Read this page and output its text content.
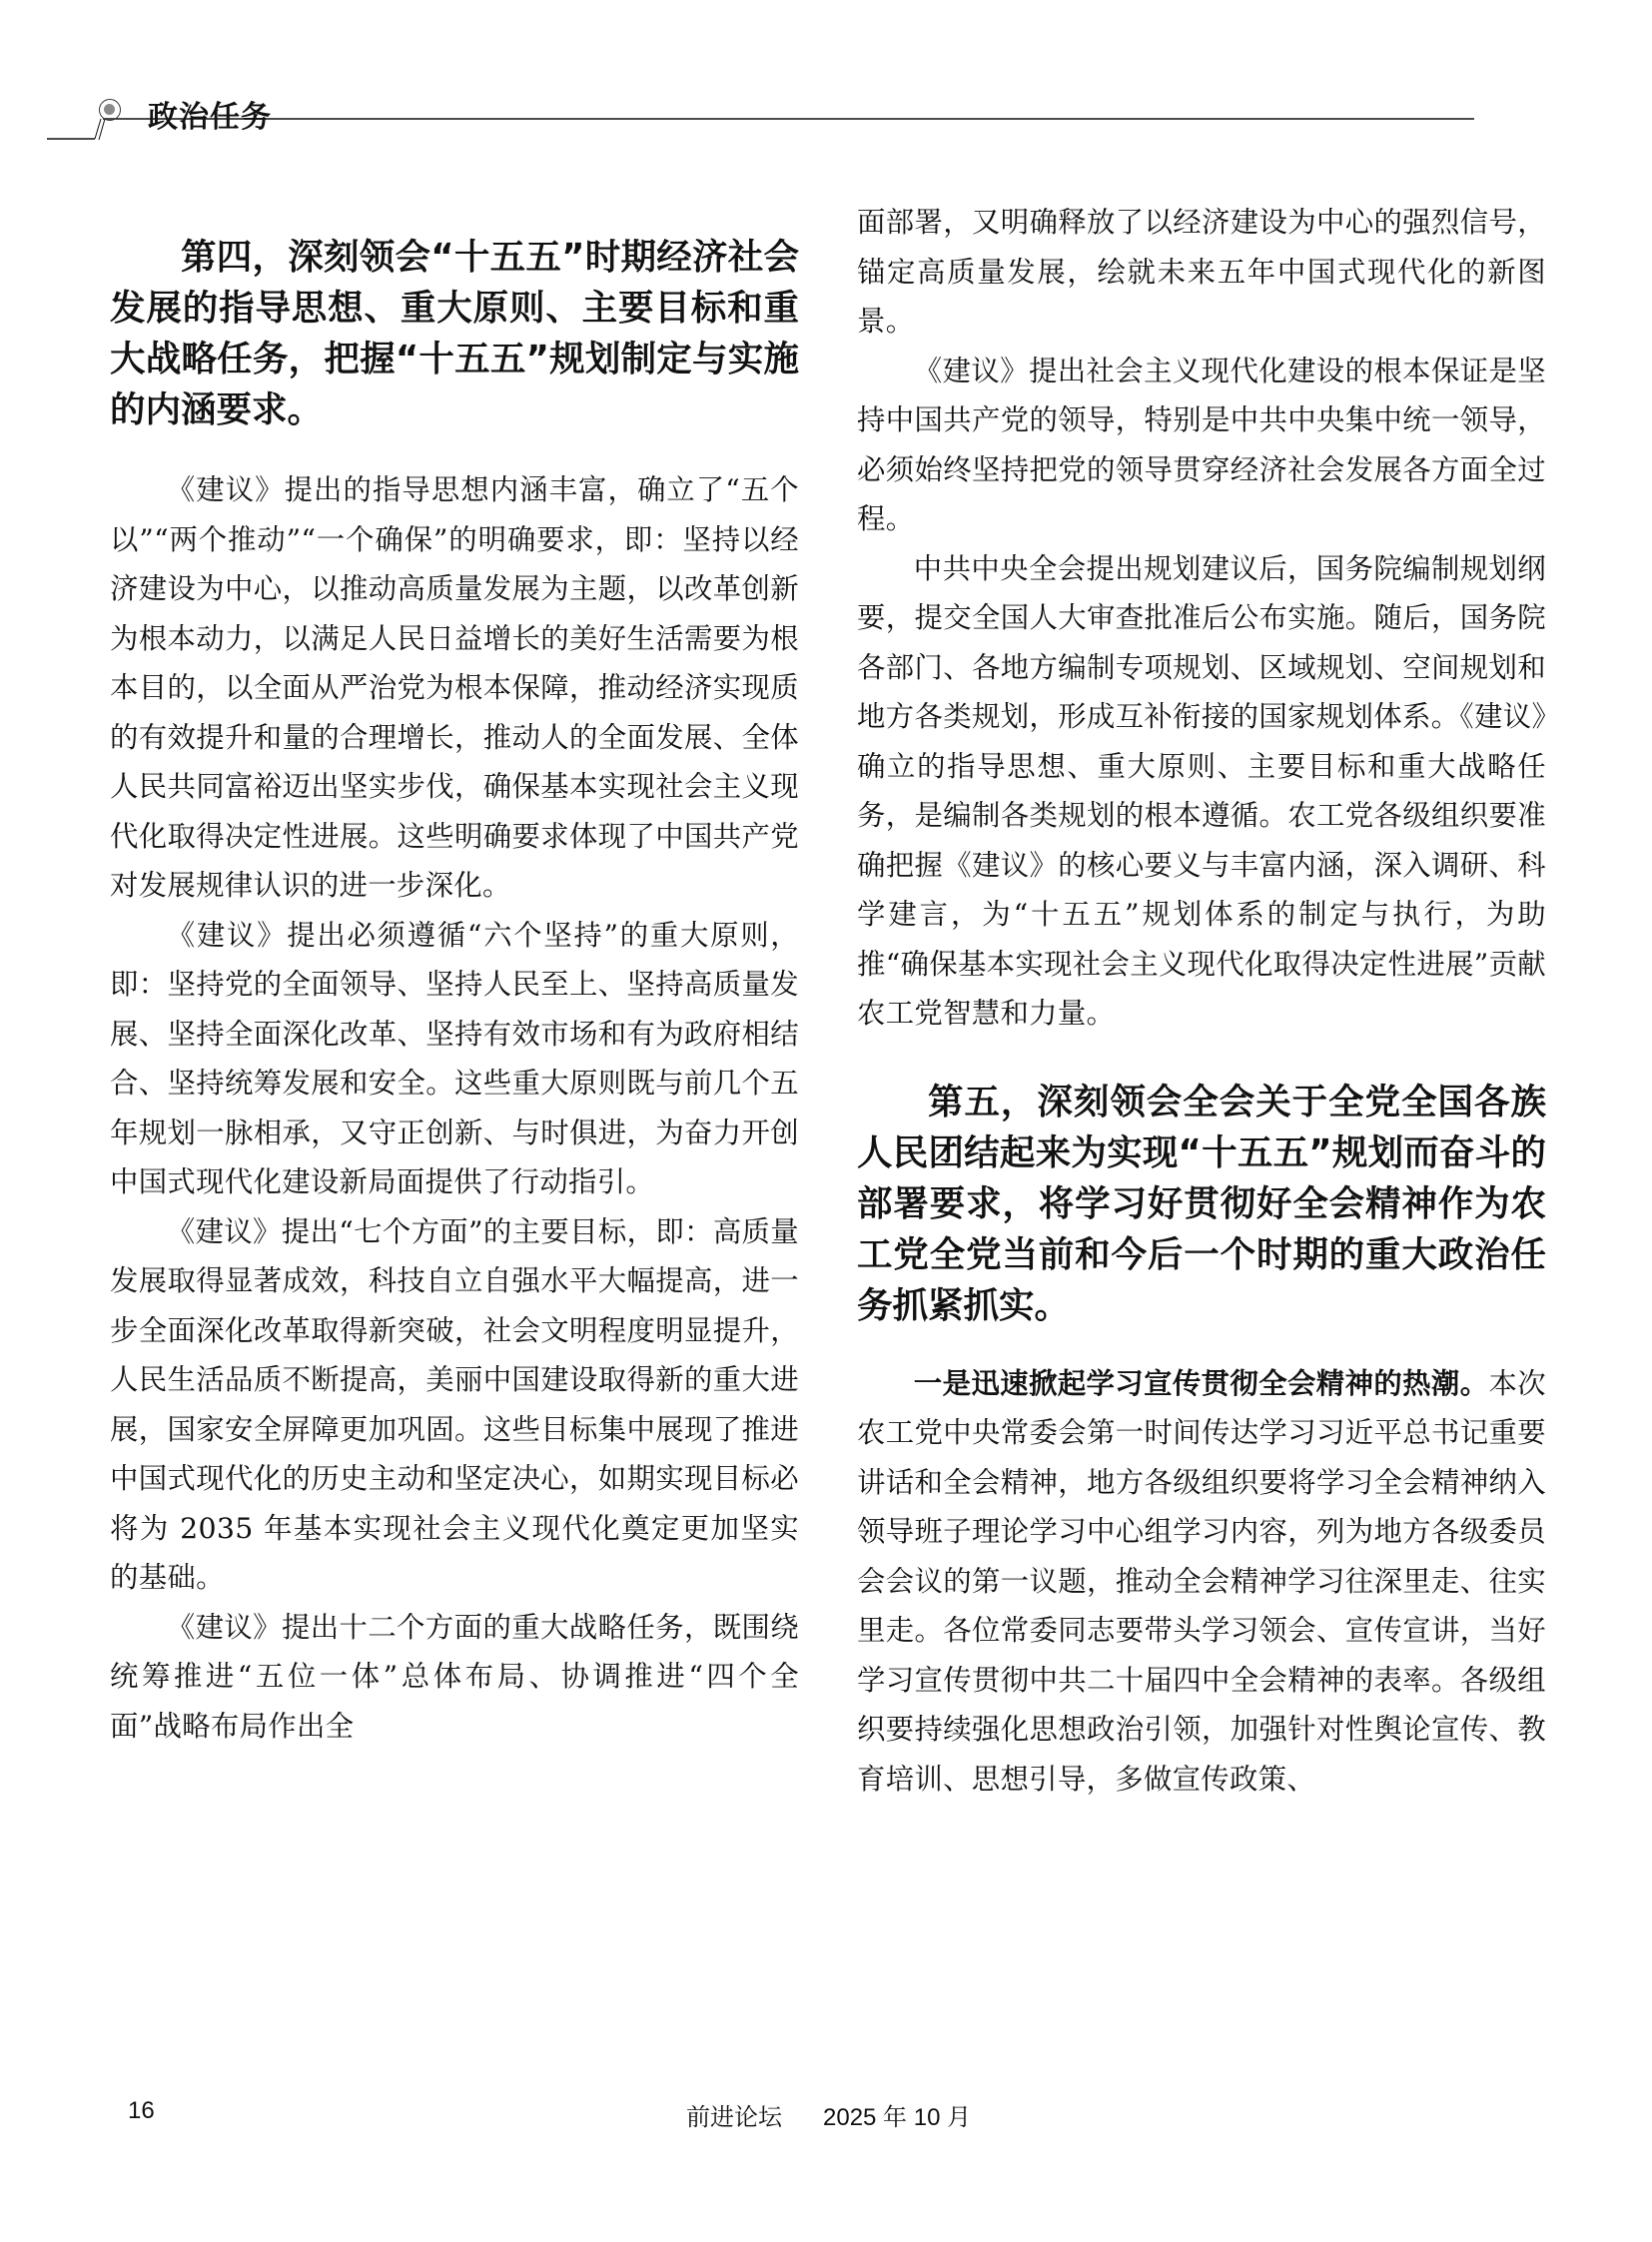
政治任务

第四，深刻领会“十五五”时期经济社会发展的指导思想、重大原则、主要目标和重大战略任务，把握“十五五”规划制定与实施的内涵要求。

《建议》提出的指导思想内涵丰富，确立了“五个以”“两个推动”“一个确保”的明确要求，即：坚持以经济建设为中心，以推动高质量发展为主题，以改革创新为根本动力，以满足人民日益增长的美好生活需要为根本目的，以全面从严治党为根本保障，推动经济实现质的有效提升和量的合理增长，推动人的全面发展、全体人民共同富裕迈出坚实步伐，确保基本实现社会主义现代化取得决定性进展。这些明确要求体现了中国共产党对发展规律认识的进一步深化。

《建议》提出必须遵循“六个坚持”的重大原则，即：坚持党的全面领导、坚持人民至上、坚持高质量发展、坚持全面深化改革、坚持有效市场和有为政府相结合、坚持统筹发展和安全。这些重大原则既与前几个五年规划一脉相承，又守正创新、与时俱进，为奋力开创中国式现代化建设新局面提供了行动指引。

《建议》提出“七个方面”的主要目标，即：高质量发展取得显著成效，科技自立自强水平大幅提高，进一步全面深化改革取得新突破，社会文明程度明显提升，人民生活品质不断提高，美丽中国建设取得新的重大进展，国家安全屏障更加巩固。这些目标集中展现了推进中国式现代化的历史主动和坚定决心，如期实现目标必将为 2035 年基本实现社会主义现代化奠定更加坚实的基础。

《建议》提出十二个方面的重大战略任务，既围绕统筹推进“五位一体”总体布局、协调推进“四个全面”战略布局作出全

面部署，又明确释放了以经济建设为中心的强烈信号，锚定高质量发展，绘就未来五年中国式现代化的新图景。

《建议》提出社会主义现代化建设的根本保证是坚持中国共产党的领导，特别是中共中央集中统一领导，必须始终坚持把党的领导贯穿经济社会发展各方面全过程。

中共中央全会提出规划建议后，国务院编制规划纲要，提交全国人大审查批准后公布实施。随后，国务院各部门、各地方编制专项规划、区域规划、空间规划和地方各类规划，形成互补衔接的国家规划体系。《建议》确立的指导思想、重大原则、主要目标和重大战略任务，是编制各类规划的根本遵循。农工党各级组织要准确把握《建议》的核心要义与丰富内涵，深入调研、科学建言，为“十五五”规划体系的制定与执行，为助推“确保基本实现社会主义现代化取得决定性进展”贡献农工党智慧和力量。

第五，深刻领会全会关于全党全国各族人民团结起来为实现“十五五”规划而奋斗的部署要求，将学习好贯彻好全会精神作为农工党全党当前和今后一个时期的重大政治任务抓紧抓实。

一是迅速掀起学习宣传贯彻全会精神的热潮。本次农工党中央常委会第一时间传达学习习近平总书记重要讲话和全会精神，地方各级组织要将学习全会精神纳入领导班子理论学习中心组学习内容，列为地方各级委员会会议的第一议题，推动全会精神学习往深里走、往实里走。各位常委同志要带头学习领会、宣传宣讲，当好学习宣传贯彻中共二十届四中全会精神的表率。各级组织要持续强化思想政治引领，加强针对性舆论宣传、教育培训、思想引导，多做宣传政策、

16	前进论坛 2025 年 10 月
